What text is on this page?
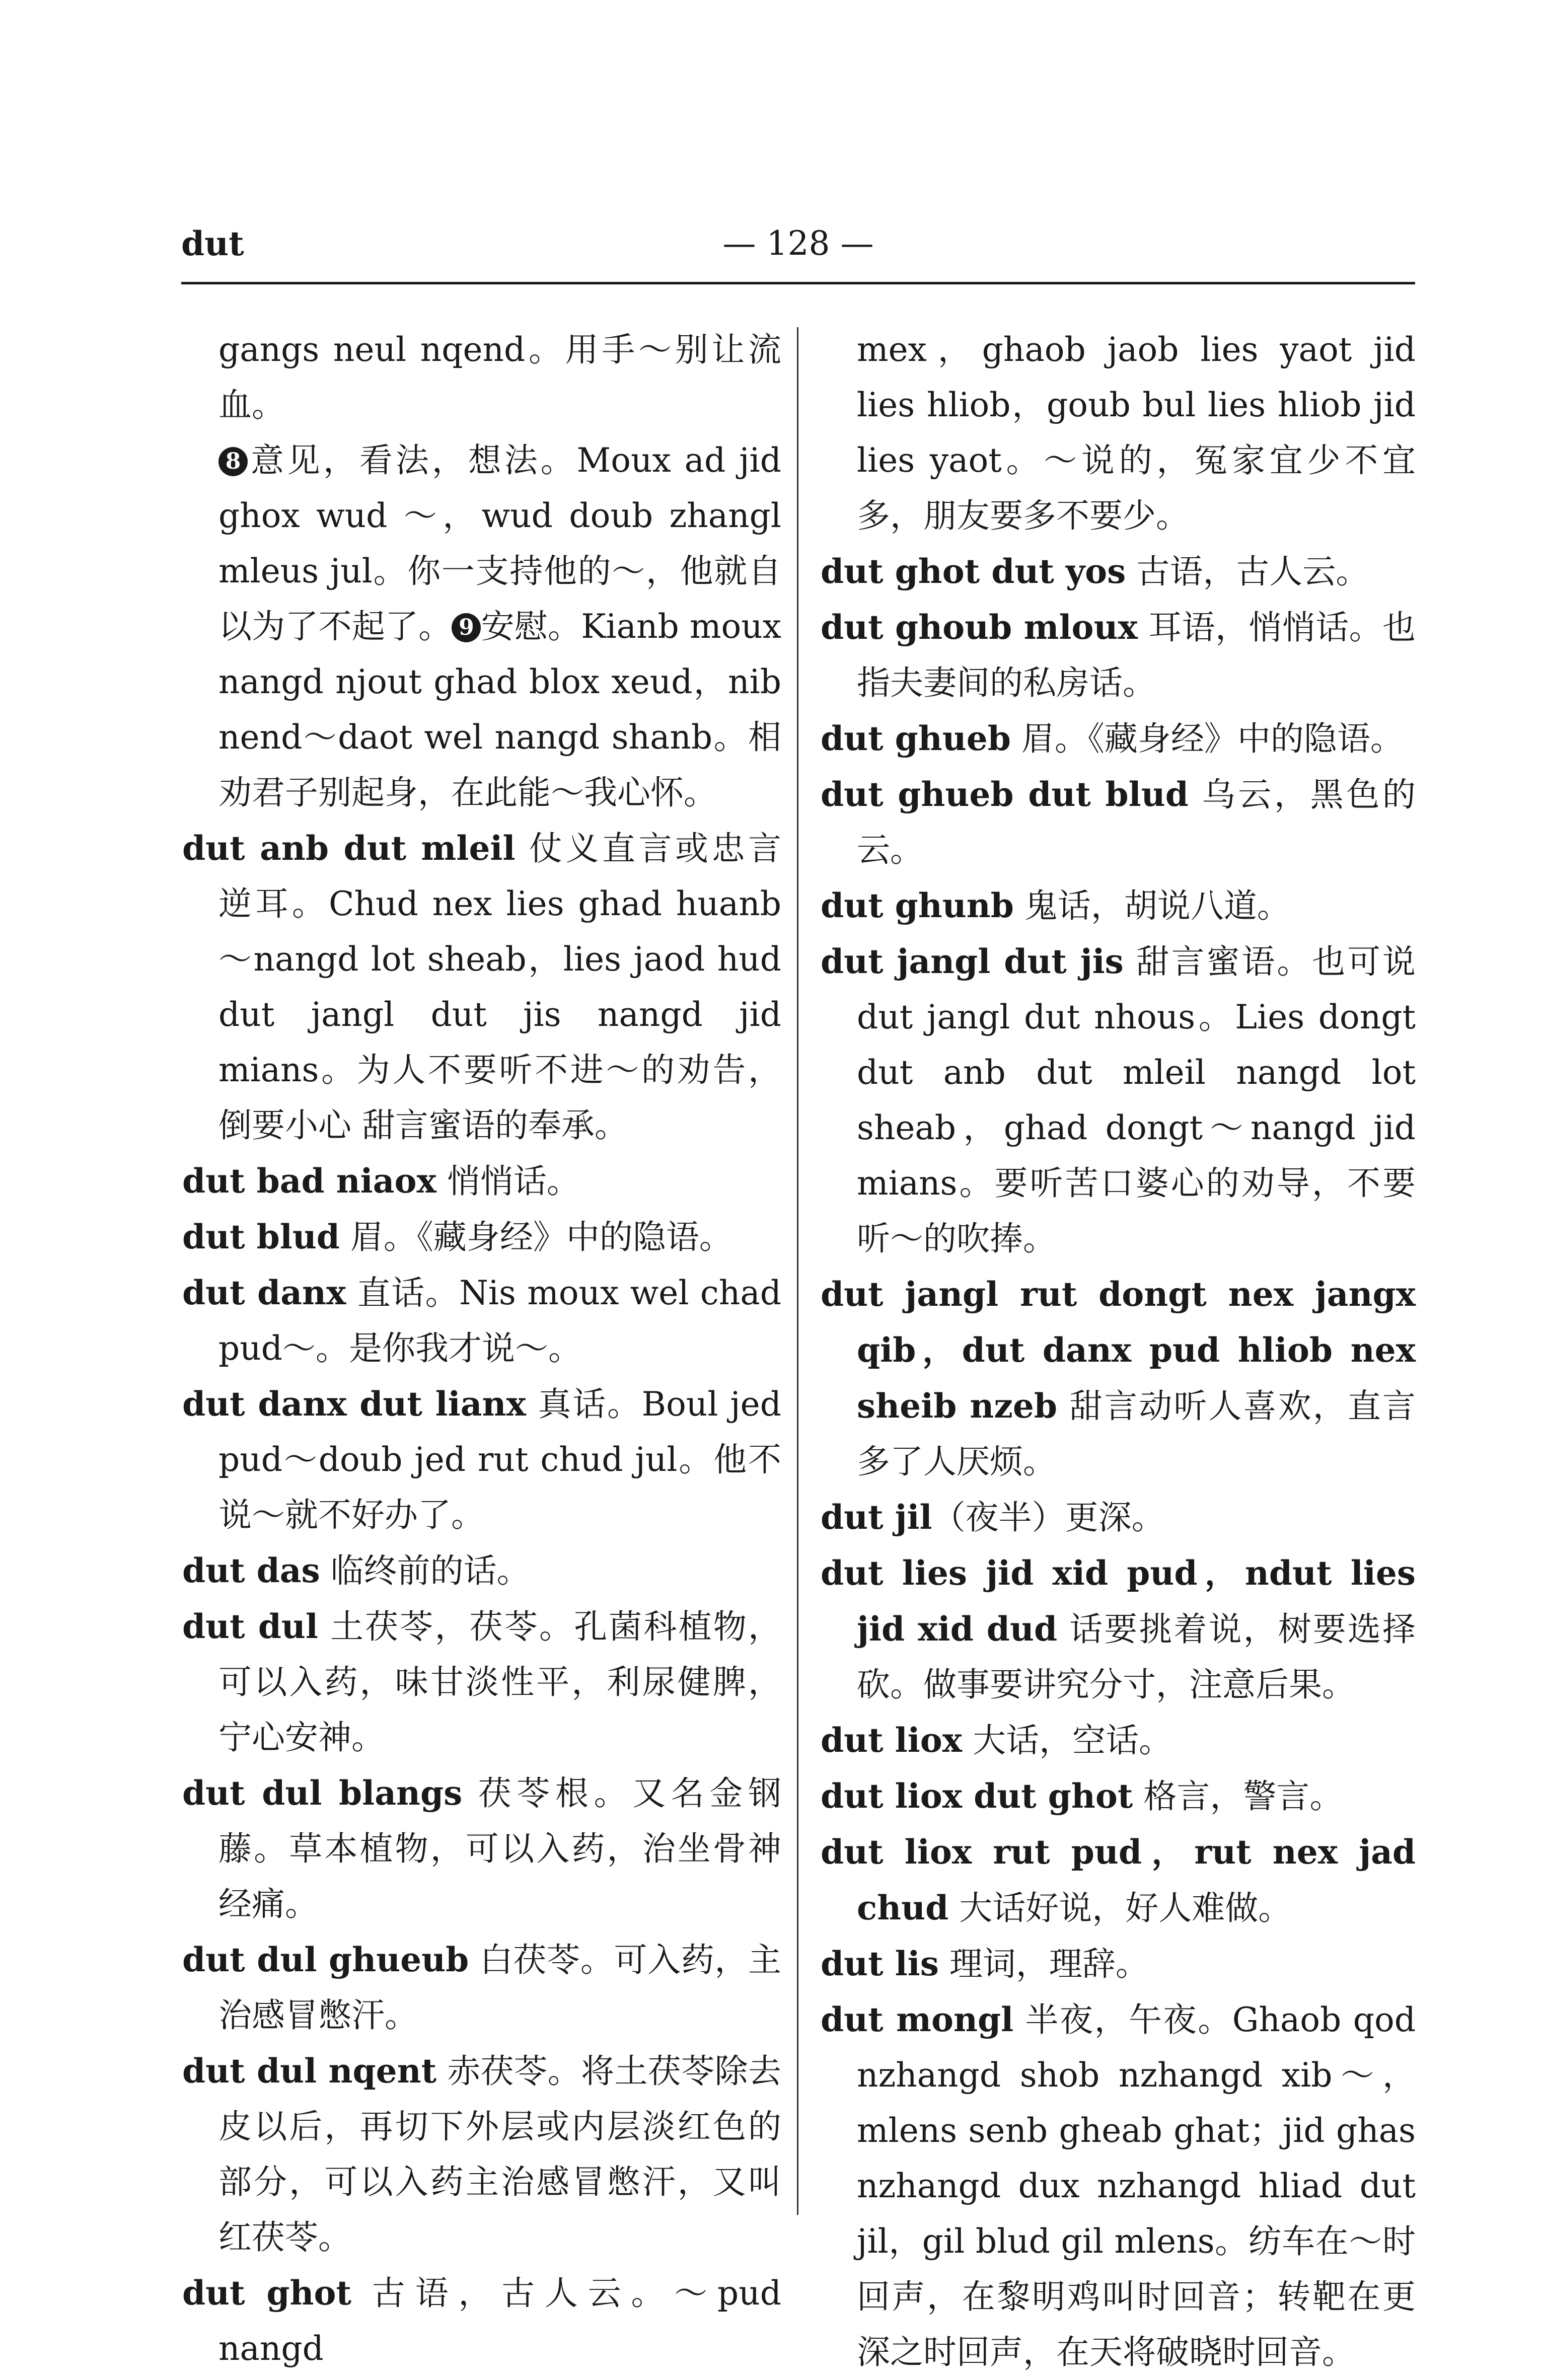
dut	— 128 —

gangs neul nqend。用手～别让流血。
8 意见，看法，想法。Moux ad jid ghox wud ～，wud doub zhangl mleus jul。你一支持他的～，他就自以为了不起了。 9 安慰。Kianb moux nangd njout ghad blox xeud，nib nend～daot wel nangd shanb。相劝君子别起身，在此能～我心怀。

dut anb dut mleil 仗义直言或忠言逆耳。Chud nex lies ghad huanb～nangd lot sheab，lies jaod hud dut jangl dut jis nangd jid mians。为人不要听不进～的劝告，倒要小心 甜言蜜语的奉承。

dut bad niaox 悄悄话。

dut blud 眉。《藏身经》中的隐语。

dut danx 直话。Nis moux wel chad pud～。是你我才说～。

dut danx dut lianx 真话。Boul jed pud～doub jed rut chud jul。他不说～就不好办了。

dut das 临终前的话。

dut dul 土茯苓，茯苓。孔菌科植物，可以入药，味甘淡性平，利尿健脾，宁心安神。

dut dul blangs 茯苓根。又名金钢藤。草本植物，可以入药，治坐骨神经痛。

dut dul ghueub 白茯苓。可入药，主治感冒憋汗。

dut dul nqent 赤茯苓。将土茯苓除去皮以后，再切下外层或内层淡红色的部分，可以入药主治感冒憋汗，又叫红茯苓。

dut ghot 古语，古人云。～pud nangd

mex，ghaob jaob lies yaot jid lies hliob，goub bul lies hliob jid lies yaot。～说的，冤家宜少不宜多，朋友要多不要少。

dut ghot dut yos 古语，古人云。

dut ghoub mloux 耳语，悄悄话。也指夫妻间的私房话。

dut ghueb 眉。《藏身经》中的隐语。

dut ghueb dut blud 乌云，黑色的云。

dut ghunb 鬼话，胡说八道。

dut jangl dut jis 甜言蜜语。也可说 dut jangl dut nhous。Lies dongt dut anb dut mleil nangd lot sheab，ghad dongt～nangd jid mians。要听苦口婆心的劝导，不要听～的吹捧。

dut jangl rut dongt nex jangx qib，dut danx pud hliob nex sheib nzeb 甜言动听人喜欢，直言多了人厌烦。

dut jil（夜半）更深。

dut lies jid xid pud，ndut lies jid xid dud 话要挑着说，树要选择砍。做事要讲究分寸，注意后果。

dut liox 大话，空话。

dut liox dut ghot 格言，警言。

dut liox rut pud，rut nex jad chud 大话好说，好人难做。

dut lis 理词，理辞。

dut mongl 半夜，午夜。Ghaob qod nzhangd shob nzhangd xib～，mlens senb gheab ghat；jid ghas nzhangd dux nzhangd hliad dut jil，gil blud gil mlens。纺车在～时回声，在黎明鸡叫时回音；转靶在更深之时回声，在天将破晓时回音。
